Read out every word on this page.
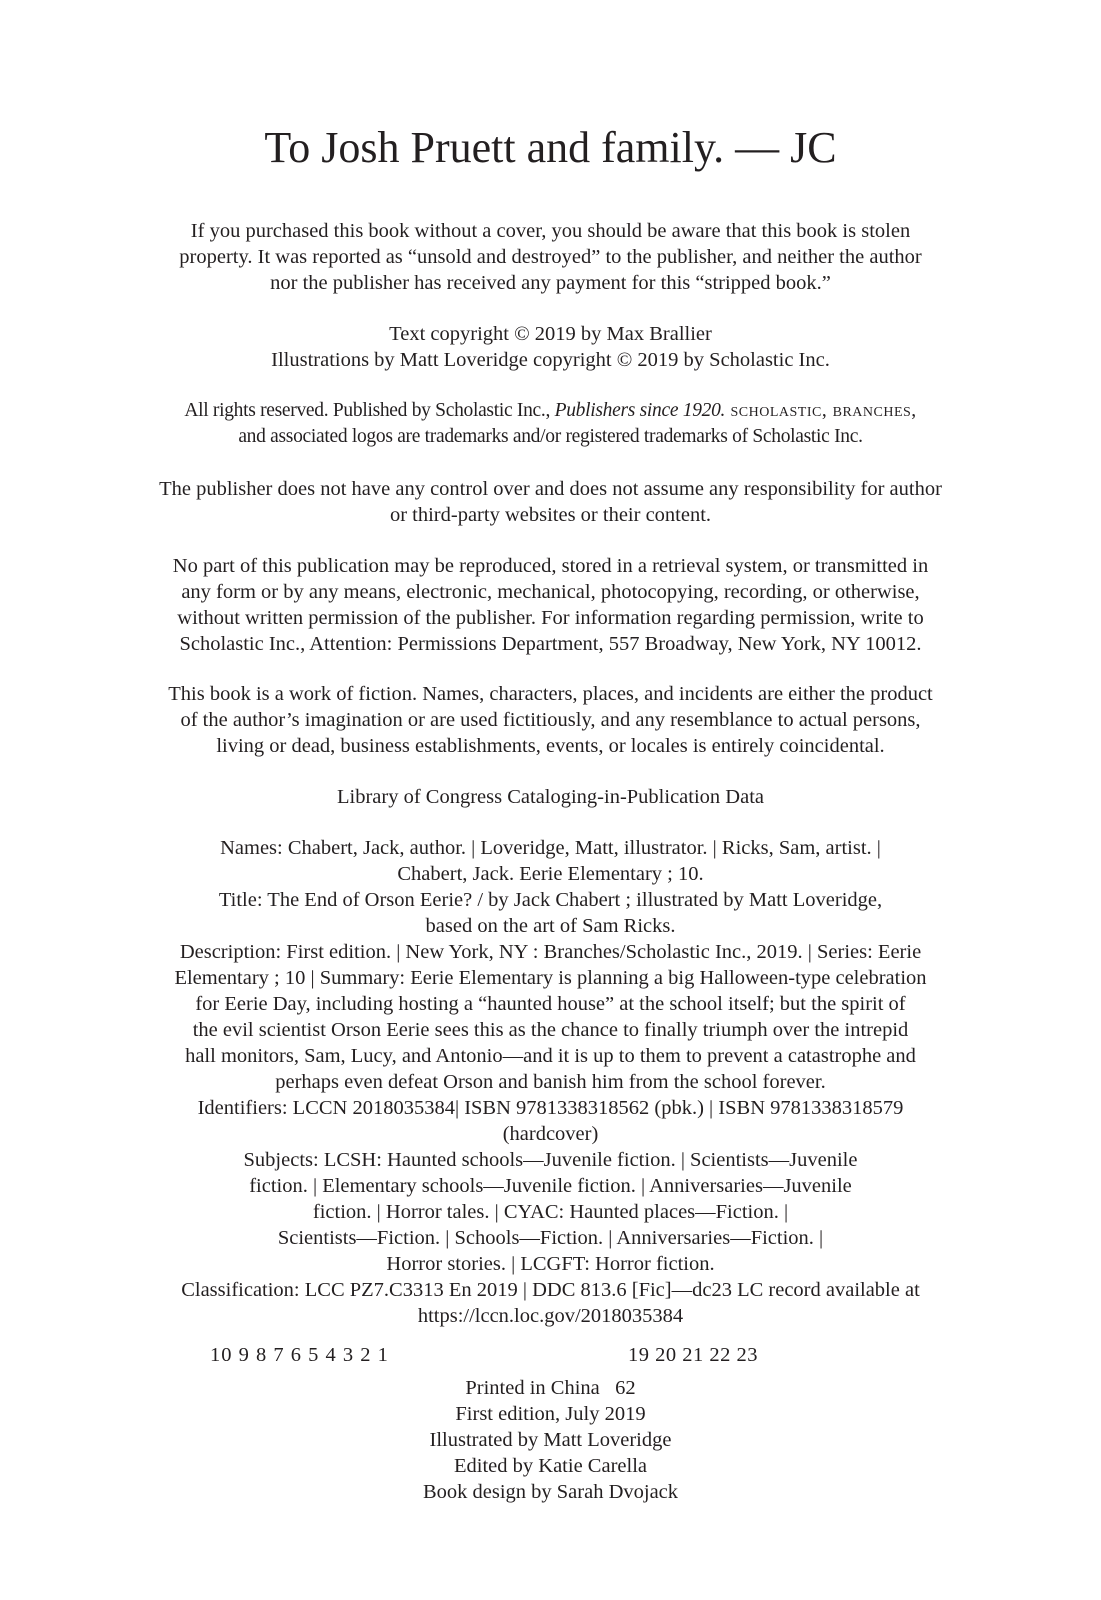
To Josh Pruett and family. — JC
If you purchased this book without a cover, you should be aware that this book is stolen
property. It was reported as “unsold and destroyed” to the publisher, and neither the author
nor the publisher has received any payment for this “stripped book.”
Text copyright © 2019 by Max Brallier
Illustrations by Matt Loveridge copyright © 2019 by Scholastic Inc.
All rights reserved. Published by Scholastic Inc., Publishers since 1920. scholastic, branches,
and associated logos are trademarks and/or registered trademarks of Scholastic Inc.
The publisher does not have any control over and does not assume any responsibility for author
or third-party websites or their content.
No part of this publication may be reproduced, stored in a retrieval system, or transmitted in
any form or by any means, electronic, mechanical, photocopying, recording, or otherwise,
without written permission of the publisher. For information regarding permission, write to
Scholastic Inc., Attention: Permissions Department, 557 Broadway, New York, NY 10012.
This book is a work of fiction. Names, characters, places, and incidents are either the product
of the author’s imagination or are used fictitiously, and any resemblance to actual persons,
living or dead, business establishments, events, or locales is entirely coincidental.
Library of Congress Cataloging-in-Publication Data
Names: Chabert, Jack, author. | Loveridge, Matt, illustrator. | Ricks, Sam, artist. |
Chabert, Jack. Eerie Elementary ; 10.
Title: The End of Orson Eerie? / by Jack Chabert ; illustrated by Matt Loveridge,
based on the art of Sam Ricks.
Description: First edition. | New York, NY : Branches/Scholastic Inc., 2019. | Series: Eerie
Elementary ; 10 | Summary: Eerie Elementary is planning a big Halloween-type celebration
for Eerie Day, including hosting a “haunted house” at the school itself; but the spirit of
the evil scientist Orson Eerie sees this as the chance to finally triumph over the intrepid
hall monitors, Sam, Lucy, and Antonio—and it is up to them to prevent a catastrophe and
perhaps even defeat Orson and banish him from the school forever.
Identifiers: LCCN 2018035384| ISBN 9781338318562 (pbk.) | ISBN 9781338318579
(hardcover)
Subjects: LCSH: Haunted schools—Juvenile fiction. | Scientists—Juvenile
fiction. | Elementary schools—Juvenile fiction. | Anniversaries—Juvenile
fiction. | Horror tales. | CYAC: Haunted places—Fiction. |
Scientists—Fiction. | Schools—Fiction. | Anniversaries—Fiction. |
Horror stories. | LCGFT: Horror fiction.
Classification: LCC PZ7.C3313 En 2019 | DDC 813.6 [Fic]—dc23 LC record available at
https://lccn.loc.gov/2018035384
10 9 8 7 6 5 4 3 2 1	19 20 21 22 23
Printed in China   62
First edition, July 2019
Illustrated by Matt Loveridge
Edited by Katie Carella
Book design by Sarah Dvojack
